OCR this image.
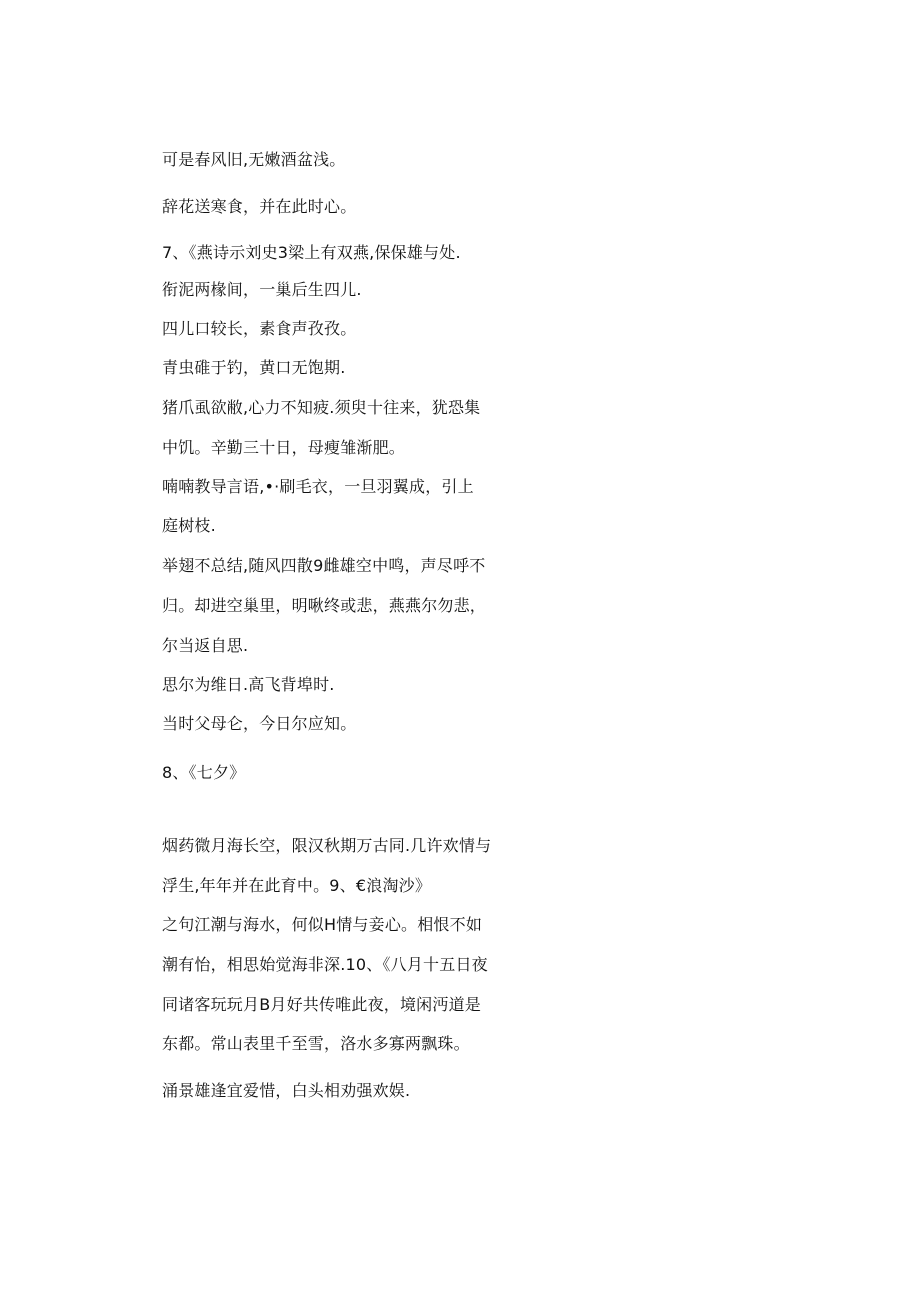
可是春风旧,无嫩酒盆浅。

辞花送寒食，并在此时心。

7、《燕诗示刘史3梁上有双燕,保保雄与处.

衔泥两椽间，一巢后生四儿.

四儿口较长，素食声孜孜。

青虫碓于钓，黄口无饱期.

猪爪虱欲敝,心力不知疲.须臾十往来，犹恐集

中饥。辛勤三十日，母瘦雏渐肥。

喃喃教导言语,•·刷毛衣，一旦羽翼成，引上

庭树枝.

举翅不总结,随风四散9雌雄空中鸣，声尽呼不

归。却进空巢里，明啾终或悲，燕燕尔勿悲，

尔当返自思.

思尔为维日.高飞背埠时.

当时父母仑，今日尔应知。

8、《七夕》

烟药微月海长空，限汉秋期万古同.几许欢情与

浮生,年年并在此育中。9、€浪淘沙》

之句江潮与海水，何似H情与妾心。相恨不如

潮有怡，相思始觉海非深.10、《八月十五日夜

同诸客玩玩月B月好共传唯此夜，境闲沔道是

东都。常山表里千至雪，洛水多寡两飘珠。

涌景雄逢宜爱惜，白头相劝强欢娱.
